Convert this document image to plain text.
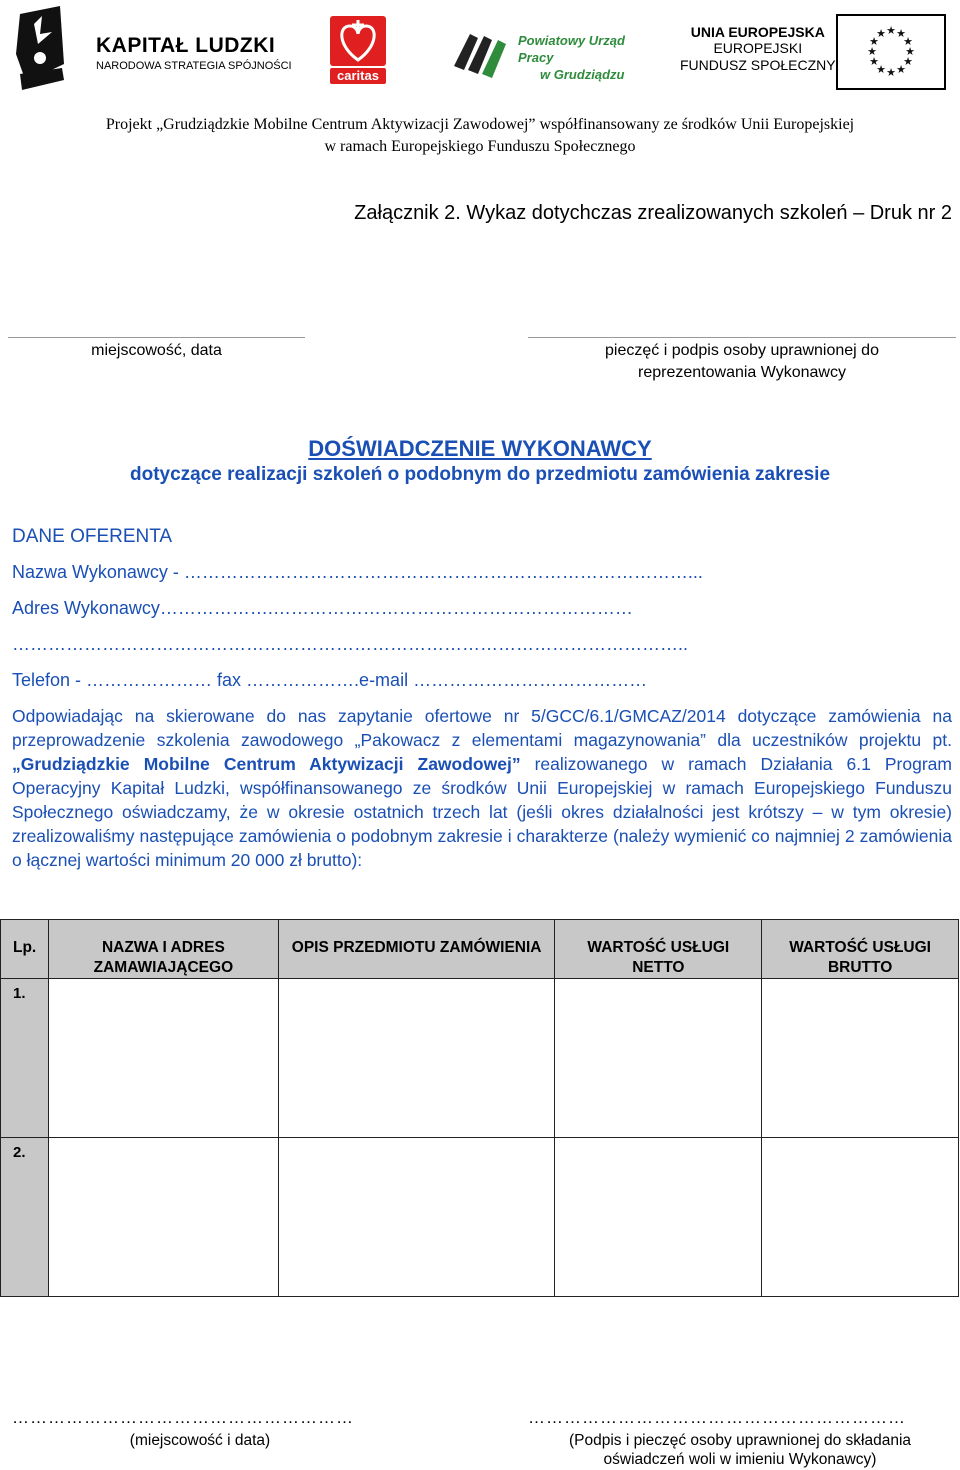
KAPITAŁ LUDZKI
NARODOWA STRATEGIA SPÓJNOŚCI
caritas
Powiatowy Urząd Pracy
w Grudziądzu
UNIA EUROPEJSKA
EUROPEJSKI
FUNDUSZ SPOŁECZNY
★ ★
★
★
★
★
★
★
★
★
★
★
Projekt „Grudziądzkie Mobilne Centrum Aktywizacji Zawodowej” współfinansowany ze środków Unii Europejskiej
w ramach Europejskiego Funduszu Społecznego
Załącznik 2. Wykaz dotychczas zrealizowanych szkoleń – Druk nr 2
miejscowość, data	pieczęć i podpis osoby uprawnionej do
reprezentowania Wykonawcy
DOŚWIADCZENIE WYKONAWCY
dotyczące realizacji szkoleń o podobnym do przedmiotu zamówienia zakresie
DANE OFERENTA
Nazwa Wykonawcy - …………………………………………………………………………...
Adres Wykonawcy……………….……………………………………………………
…………………………………………………………………………………………………..
Telefon - ………………… fax ……………….e-mail …………………………………
Odpowiadając na skierowane do nas zapytanie ofertowe nr 5/GCC/6.1/GMCAZ/2014 dotyczące zamówienia na przeprowadzenie szkolenia zawodowego „Pakowacz z elementami magazynowania” dla uczestników projektu pt. „Grudziądzkie Mobilne Centrum Aktywizacji Zawodowej” realizowanego w ramach Działania 6.1 Program Operacyjny Kapitał Ludzki, współfinansowanego ze środków Unii Europejskiej w ramach Europejskiego Funduszu Społecznego oświadczamy, że w okresie ostatnich trzech lat (jeśli okres działalności jest krótszy – w tym okresie) zrealizowaliśmy następujące zamówienia o podobnym zakresie i charakterze (należy wymienić co najmniej 2 zamówienia o łącznej wartości minimum 20 000 zł brutto):
Lp.	NAZWA I ADRES ZAMAWIAJĄCEGO	OPIS PRZEDMIOTU ZAMÓWIENIA	WARTOŚĆ USŁUGI NETTO	WARTOŚĆ USŁUGI BRUTTO
1.				
2.				
…………………………………………………	………………………………………………………
(miejscowość i data)	(Podpis i pieczęć osoby uprawnionej do składania
oświadczeń woli w imieniu Wykonawcy)
